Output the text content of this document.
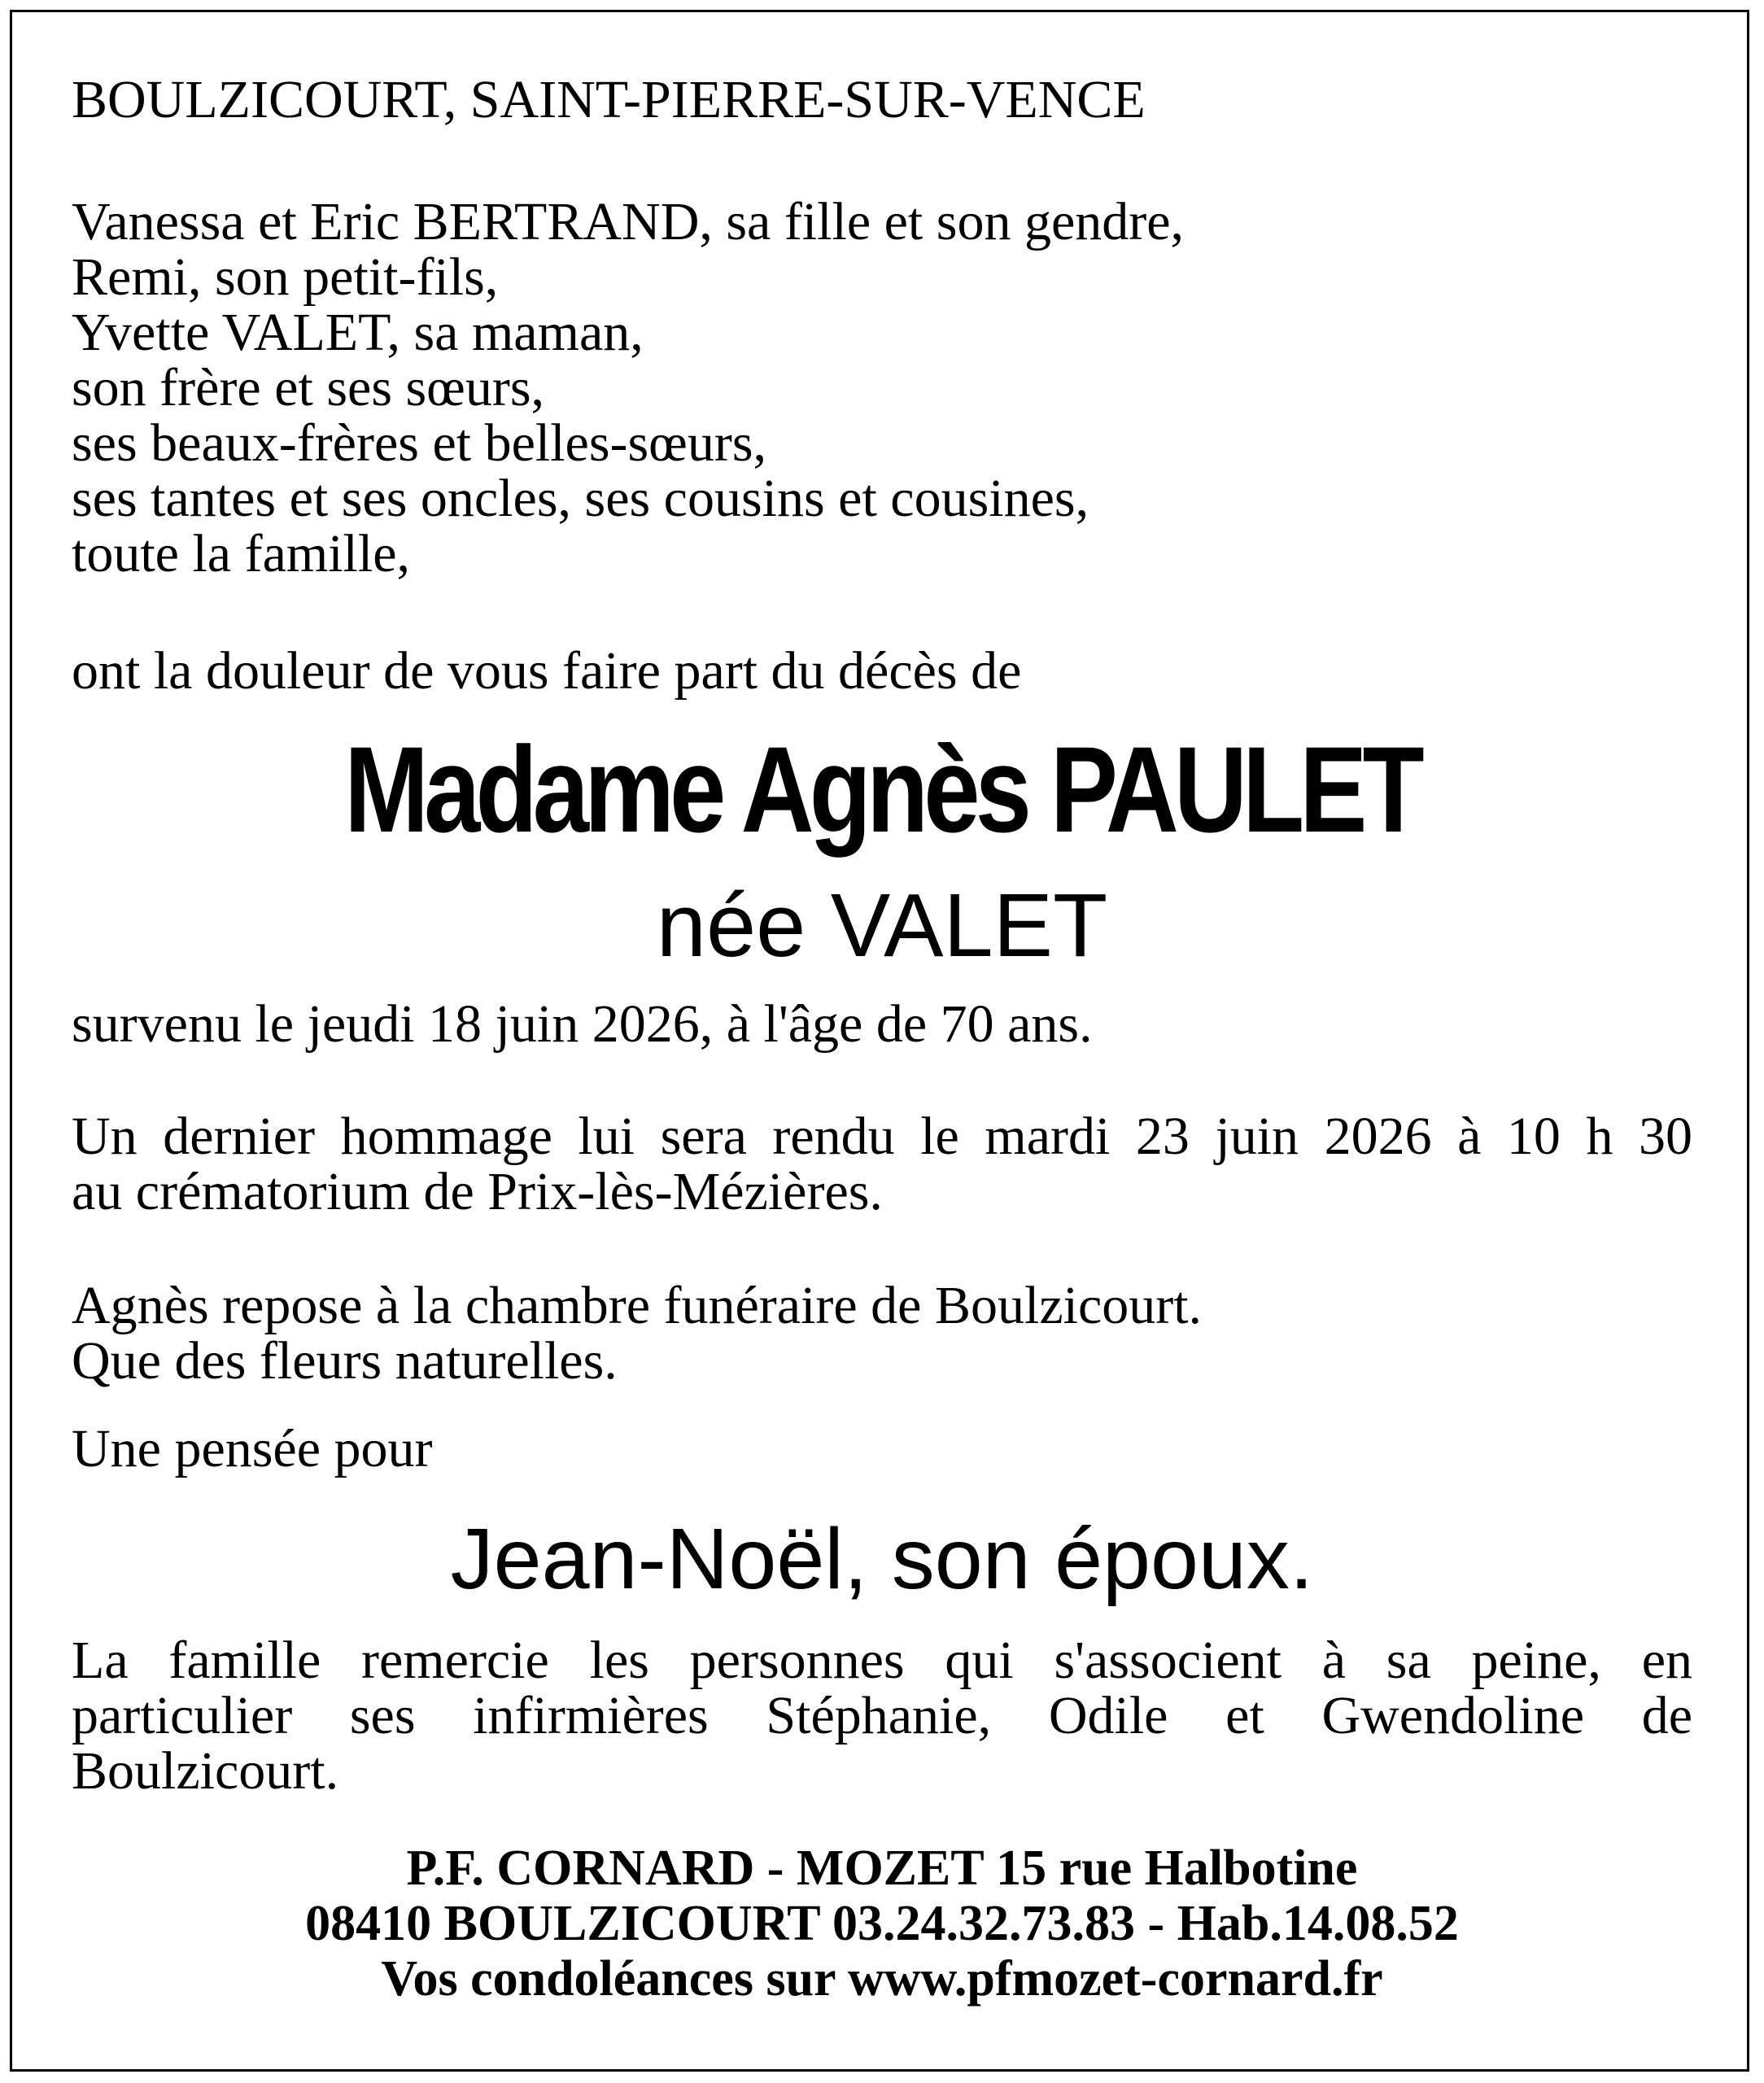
BOULZICOURT, SAINT-PIERRE-SUR-VENCE

Vanessa et Eric BERTRAND, sa fille et son gendre,

Remi, son petit-fils,

Yvette VALET, sa maman,

son frère et ses sœurs,

ses beaux-frères et belles-sœurs,

ses tantes et ses oncles, ses cousins et cousines,

toute la famille,

ont la douleur de vous faire part du décès de

Madame Agnès PAULET

née VALET

survenu le jeudi 18 juin 2026, à l'âge de 70 ans.

Un dernier hommage lui sera rendu le mardi 23 juin 2026 à 10 h 30

au crématorium de Prix-lès-Mézières.

Agnès repose à la chambre funéraire de Boulzicourt.

Que des fleurs naturelles.

Une pensée pour

Jean-Noël, son époux.

La famille remercie les personnes qui s'associent à sa peine, en

particulier ses infirmières Stéphanie, Odile et Gwendoline de

Boulzicourt.

P.F. CORNARD - MOZET 15 rue Halbotine

08410 BOULZICOURT 03.24.32.73.83 - Hab.14.08.52

Vos condoléances sur www.pfmozet-cornard.fr
